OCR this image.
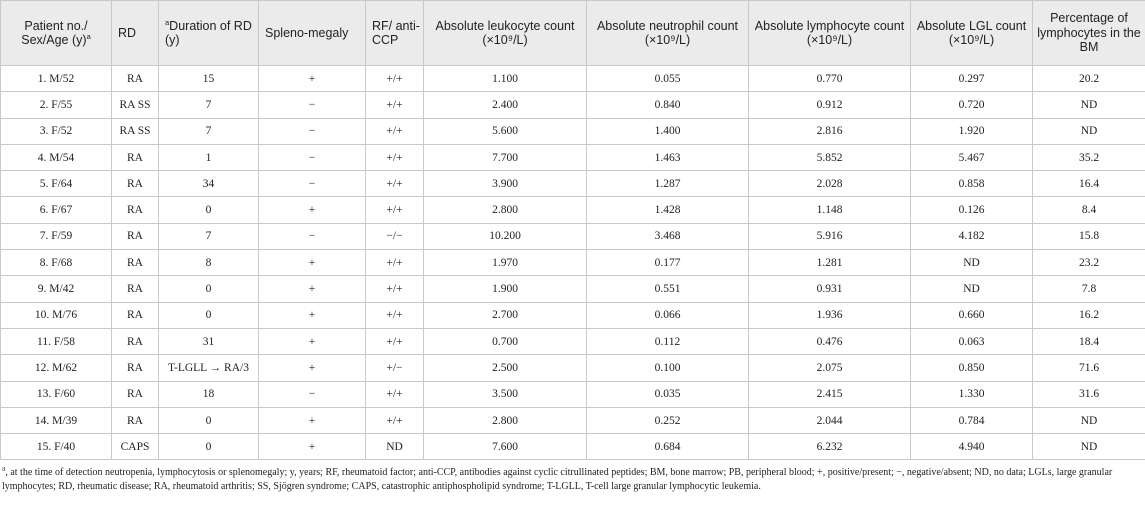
Patient no./ Sex/Age $(y)^a$	RD	$^a$Duration of RD (y)	Spleno-megaly	RF/ anti-CCP	Absolute leukocyte count (×10⁹/L)	Absolute neutrophil count (×10⁹/L)	Absolute lymphocyte count (×10⁹/L)	Absolute LGL count (×10⁹/L)	Percentage of lymphocytes in the BM
1. M/52	RA	15	+	+/+	1.100	0.055	0.770	0.297	20.2
2. F/55	RA SS	7	−	+/+	2.400	0.840	0.912	0.720	ND
3. F/52	RA SS	7	−	+/+	5.600	1.400	2.816	1.920	ND
4. M/54	RA	1	−	+/+	7.700	1.463	5.852	5.467	35.2
5. F/64	RA	34	−	+/+	3.900	1.287	2.028	0.858	16.4
6. F/67	RA	0	+	+/+	2.800	1.428	1.148	0.126	8.4
7. F/59	RA	7	−	−/−	10.200	3.468	5.916	4.182	15.8
8. F/68	RA	8	+	+/+	1.970	0.177	1.281	ND	23.2
9. M/42	RA	0	+	+/+	1.900	0.551	0.931	ND	7.8
10. M/76	RA	0	+	+/+	2.700	0.066	1.936	0.660	16.2
11. F/58	RA	31	+	+/+	0.700	0.112	0.476	0.063	18.4
12. M/62	RA	T-LGLL → RA/3	+	+/−	2.500	0.100	2.075	0.850	71.6
13. F/60	RA	18	−	+/+	3.500	0.035	2.415	1.330	31.6
14. M/39	RA	0	+	+/+	2.800	0.252	2.044	0.784	ND
15. F/40	CAPS	0	+	ND	7.600	0.684	6.232	4.940	ND
$^a$, at the time of detection neutropenia, lymphocytosis or splenomegaly; y, years; RF, rheumatoid factor; anti-CCP, antibodies against cyclic citrullinated peptides; BM, bone marrow; PB, peripheral blood; +, positive/present; −, negative/absent; ND, no data; LGLs, large granular lymphocytes; RD, rheumatic disease; RA, rheumatoid arthritis; SS, Sjögren syndrome; CAPS, catastrophic antiphospholipid syndrome; T-LGLL, T-cell large granular lymphocytic leukemia.
